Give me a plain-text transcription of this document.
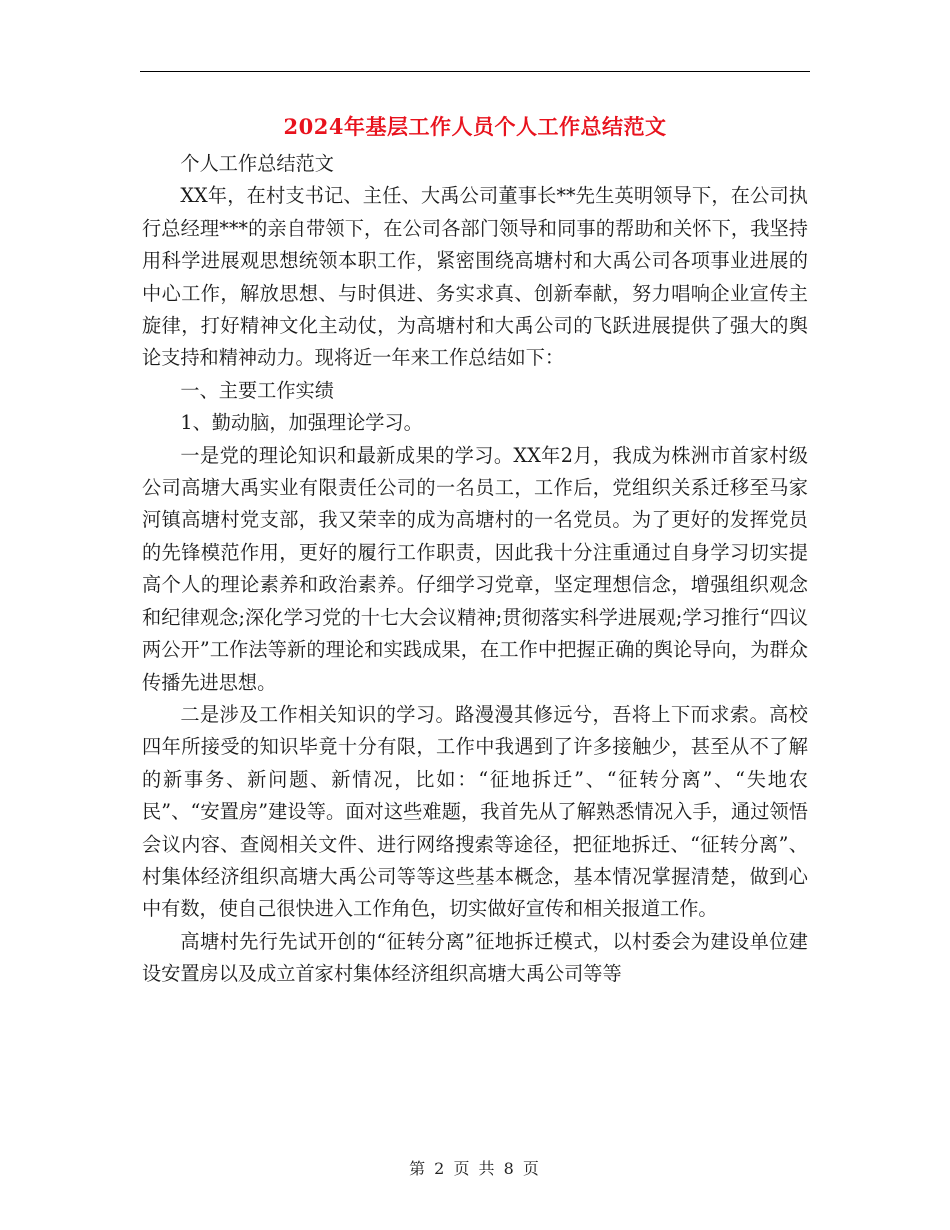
2024年基层工作人员个人工作总结范文

个人工作总结范文

XX年，在村支书记、主任、大禹公司董事长**先生英明领导下，在公司执行总经理***的亲自带领下，在公司各部门领导和同事的帮助和关怀下，我坚持用科学进展观思想统领本职工作，紧密围绕高塘村和大禹公司各项事业进展的中心工作，解放思想、与时俱进、务实求真、创新奉献，努力唱响企业宣传主旋律，打好精神文化主动仗，为高塘村和大禹公司的飞跃进展提供了强大的舆论支持和精神动力。现将近一年来工作总结如下：

一、主要工作实绩

1、勤动脑，加强理论学习。

一是党的理论知识和最新成果的学习。XX年2月，我成为株洲市首家村级公司高塘大禹实业有限责任公司的一名员工，工作后，党组织关系迁移至马家河镇高塘村党支部，我又荣幸的成为高塘村的一名党员。为了更好的发挥党员的先锋模范作用，更好的履行工作职责，因此我十分注重通过自身学习切实提高个人的理论素养和政治素养。仔细学习党章，坚定理想信念，增强组织观念和纪律观念;深化学习党的十七大会议精神;贯彻落实科学进展观;学习推行“四议两公开”工作法等新的理论和实践成果，在工作中把握正确的舆论导向，为群众传播先进思想。

二是涉及工作相关知识的学习。路漫漫其修远兮，吾将上下而求索。高校四年所接受的知识毕竟十分有限，工作中我遇到了许多接触少，甚至从不了解的新事务、新问题、新情况，比如：“征地拆迁”、“征转分离”、“失地农民”、“安置房”建设等。面对这些难题，我首先从了解熟悉情况入手，通过领悟会议内容、查阅相关文件、进行网络搜索等途径，把征地拆迁、“征转分离”、村集体经济组织高塘大禹公司等等这些基本概念，基本情况掌握清楚，做到心中有数，使自己很快进入工作角色，切实做好宣传和相关报道工作。

高塘村先行先试开创的“征转分离”征地拆迁模式，以村委会为建设单位建设安置房以及成立首家村集体经济组织高塘大禹公司等等

第 2 页 共 8 页
